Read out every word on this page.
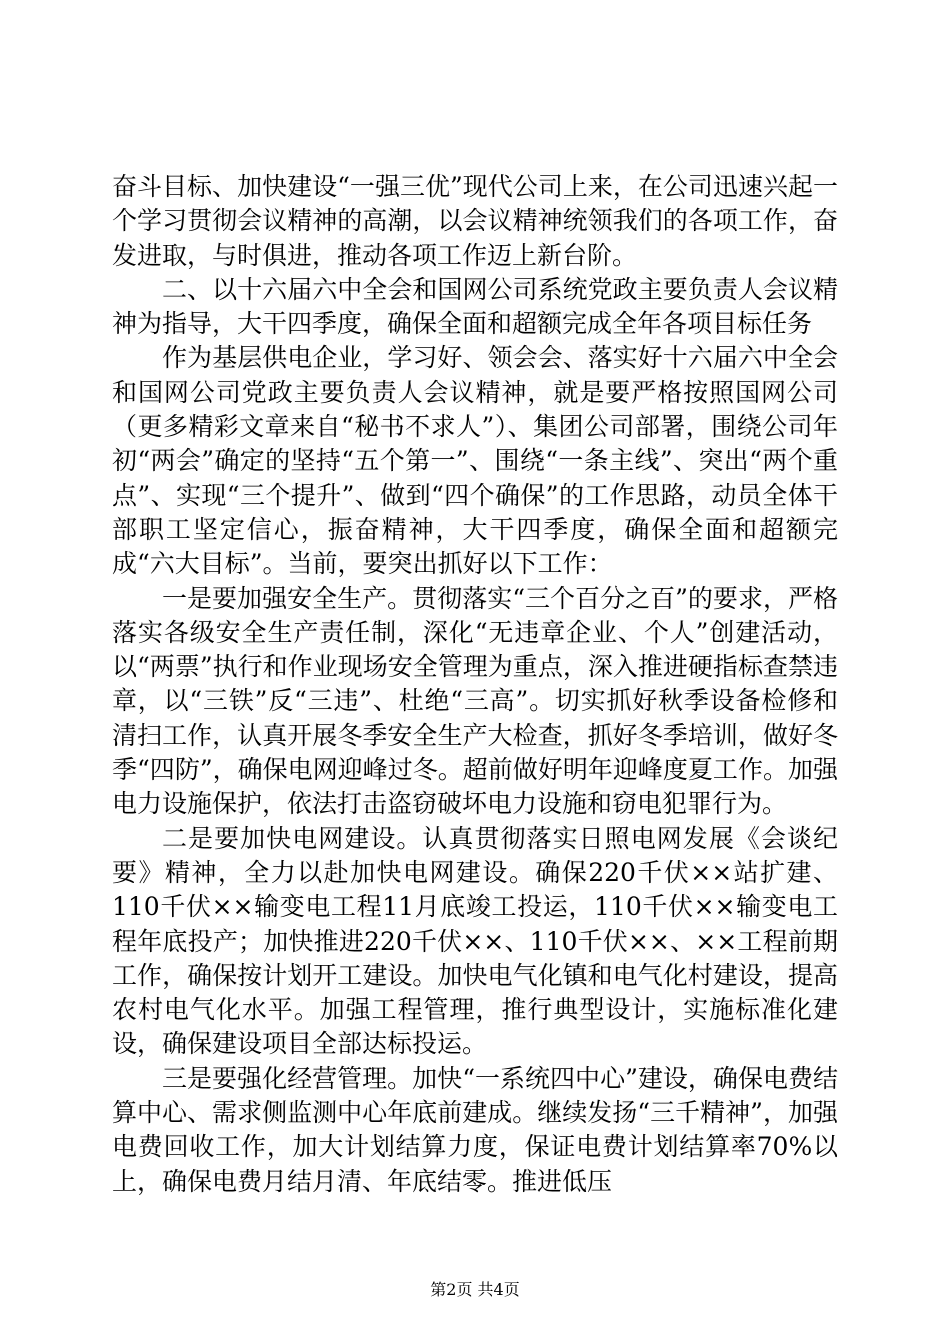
奋斗目标、加快建设“一强三优”现代公司上来，在公司迅速兴起一个学习贯彻会议精神的高潮，以会议精神统领我们的各项工作，奋发进取，与时俱进，推动各项工作迈上新台阶。

二、以十六届六中全会和国网公司系统党政主要负责人会议精神为指导，大干四季度，确保全面和超额完成全年各项目标任务

作为基层供电企业，学习好、领会会、落实好十六届六中全会和国网公司党政主要负责人会议精神，就是要严格按照国网公司（更多精彩文章来自“秘书不求人”）、集团公司部署，围绕公司年初“两会”确定的坚持“五个第一”、围绕“一条主线”、突出“两个重点”、实现“三个提升”、做到“四个确保”的工作思路，动员全体干部职工坚定信心，振奋精神，大干四季度，确保全面和超额完成“六大目标”。当前，要突出抓好以下工作：

一是要加强安全生产。贯彻落实“三个百分之百”的要求，严格落实各级安全生产责任制，深化“无违章企业、个人”创建活动，以“两票”执行和作业现场安全管理为重点，深入推进硬指标查禁违章，以“三铁”反“三违”、杜绝“三高”。切实抓好秋季设备检修和清扫工作，认真开展冬季安全生产大检查，抓好冬季培训，做好冬季“四防”，确保电网迎峰过冬。超前做好明年迎峰度夏工作。加强电力设施保护，依法打击盗窃破坏电力设施和窃电犯罪行为。

二是要加快电网建设。认真贯彻落实日照电网发展《会谈纪要》精神，全力以赴加快电网建设。确保220千伏××站扩建、110千伏××输变电工程11月底竣工投运，110千伏××输变电工程年底投产；加快推进220千伏××、110千伏××、××工程前期工作，确保按计划开工建设。加快电气化镇和电气化村建设，提高农村电气化水平。加强工程管理，推行典型设计，实施标准化建设，确保建设项目全部达标投运。

三是要强化经营管理。加快“一系统四中心”建设，确保电费结算中心、需求侧监测中心年底前建成。继续发扬“三千精神”，加强电费回收工作，加大计划结算力度，保证电费计划结算率70%以上，确保电费月结月清、年底结零。推进低压

第2页 共4页
